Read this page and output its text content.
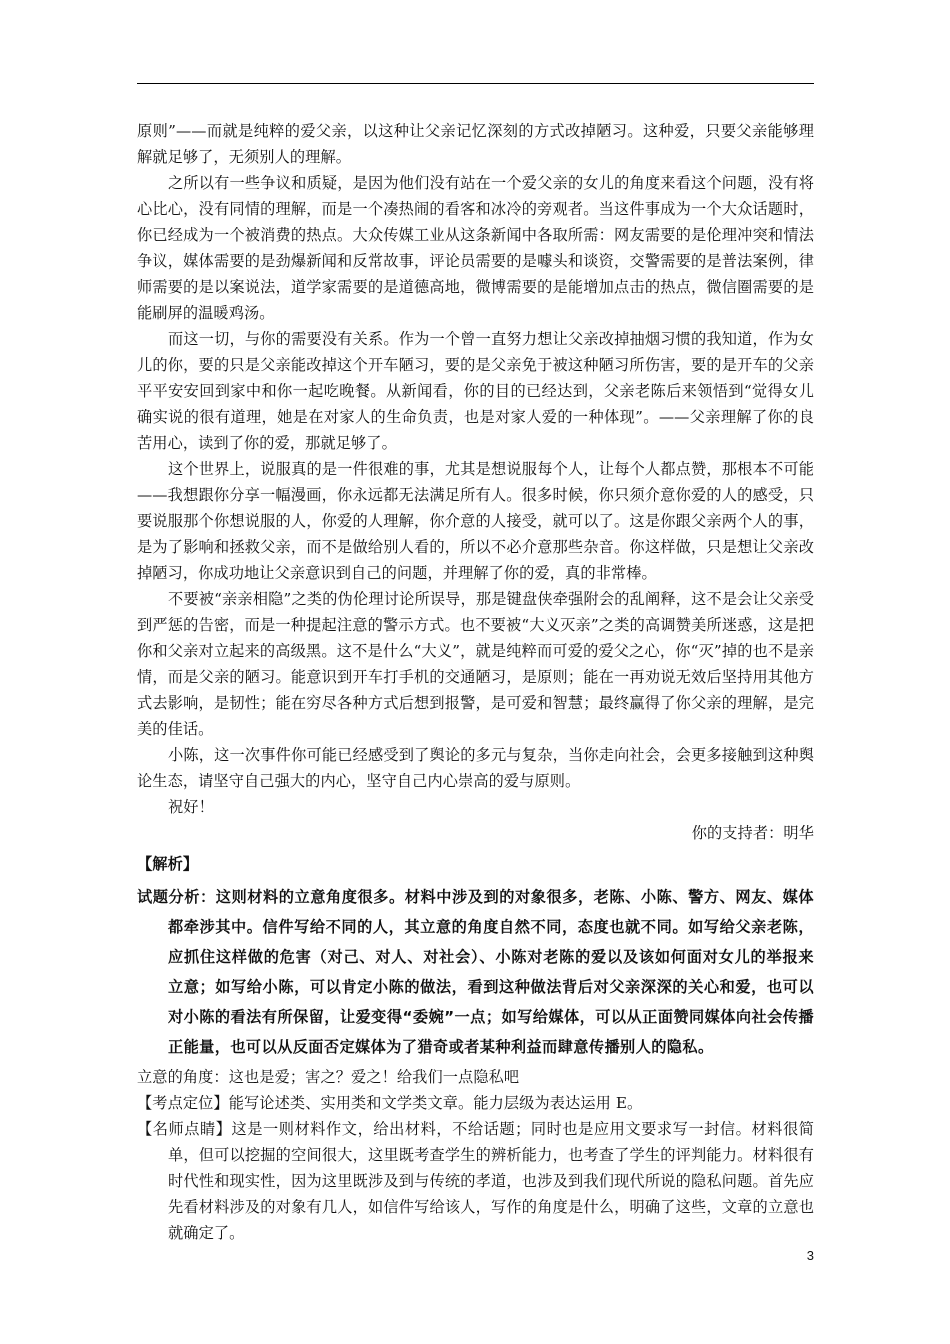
原则”——而就是纯粹的爱父亲，以这种让父亲记忆深刻的方式改掉陋习。这种爱，只要父亲能够理解就足够了，无须别人的理解。

之所以有一些争议和质疑，是因为他们没有站在一个爱父亲的女儿的角度来看这个问题，没有将心比心，没有同情的理解，而是一个凑热闹的看客和冰冷的旁观者。当这件事成为一个大众话题时，你已经成为一个被消费的热点。大众传媒工业从这条新闻中各取所需：网友需要的是伦理冲突和情法争议，媒体需要的是劲爆新闻和反常故事，评论员需要的是噱头和谈资，交警需要的是普法案例，律师需要的是以案说法，道学家需要的是道德高地，微博需要的是能增加点击的热点，微信圈需要的是能刷屏的温暖鸡汤。

而这一切，与你的需要没有关系。作为一个曾一直努力想让父亲改掉抽烟习惯的我知道，作为女儿的你，要的只是父亲能改掉这个开车陋习，要的是父亲免于被这种陋习所伤害，要的是开车的父亲平平安安回到家中和你一起吃晚餐。从新闻看，你的目的已经达到，父亲老陈后来领悟到“觉得女儿确实说的很有道理，她是在对家人的生命负责，也是对家人爱的一种体现”。——父亲理解了你的良苦用心，读到了你的爱，那就足够了。

这个世界上，说服真的是一件很难的事，尤其是想说服每个人，让每个人都点赞，那根本不可能——我想跟你分享一幅漫画，你永远都无法满足所有人。很多时候，你只须介意你爱的人的感受，只要说服那个你想说服的人，你爱的人理解，你介意的人接受，就可以了。这是你跟父亲两个人的事，是为了影响和拯救父亲，而不是做给别人看的，所以不必介意那些杂音。你这样做，只是想让父亲改掉陋习，你成功地让父亲意识到自己的问题，并理解了你的爱，真的非常棒。

不要被“亲亲相隐”之类的伪伦理讨论所误导，那是键盘侠牵强附会的乱阐释，这不是会让父亲受到严惩的告密，而是一种提起注意的警示方式。也不要被“大义灭亲”之类的高调赞美所迷惑，这是把你和父亲对立起来的高级黑。这不是什么“大义”，就是纯粹而可爱的爱父之心，你“灭”掉的也不是亲情，而是父亲的陋习。能意识到开车打手机的交通陋习，是原则；能在一再劝说无效后坚持用其他方式去影响，是韧性；能在穷尽各种方式后想到报警，是可爱和智慧；最终赢得了你父亲的理解，是完美的佳话。

小陈，这一次事件你可能已经感受到了舆论的多元与复杂，当你走向社会，会更多接触到这种舆论生态，请坚守自己强大的内心，坚守自己内心崇高的爱与原则。

祝好！

你的支持者：明华

【解析】

试题分析：这则材料的立意角度很多。材料中涉及到的对象很多，老陈、小陈、警方、网友、媒体都牵涉其中。信件写给不同的人，其立意的角度自然不同，态度也就不同。如写给父亲老陈，应抓住这样做的危害（对己、对人、对社会）、小陈对老陈的爱以及该如何面对女儿的举报来立意；如写给小陈，可以肯定小陈的做法，看到这种做法背后对父亲深深的关心和爱，也可以对小陈的看法有所保留，让爱变得“委婉”一点；如写给媒体，可以从正面赞同媒体向社会传播正能量，也可以从反面否定媒体为了猎奇或者某种利益而肆意传播别人的隐私。

立意的角度：这也是爱；害之？爱之！给我们一点隐私吧

【考点定位】能写论述类、实用类和文学类文章。能力层级为表达运用 E。

【名师点睛】这是一则材料作文，给出材料，不给话题；同时也是应用文要求写一封信。材料很简单，但可以挖掘的空间很大，这里既考查学生的辨析能力，也考查了学生的评判能力。材料很有时代性和现实性，因为这里既涉及到与传统的孝道，也涉及到我们现代所说的隐私问题。首先应先看材料涉及的对象有几人，如信件写给该人，写作的角度是什么，明确了这些，文章的立意也就确定了。

3
